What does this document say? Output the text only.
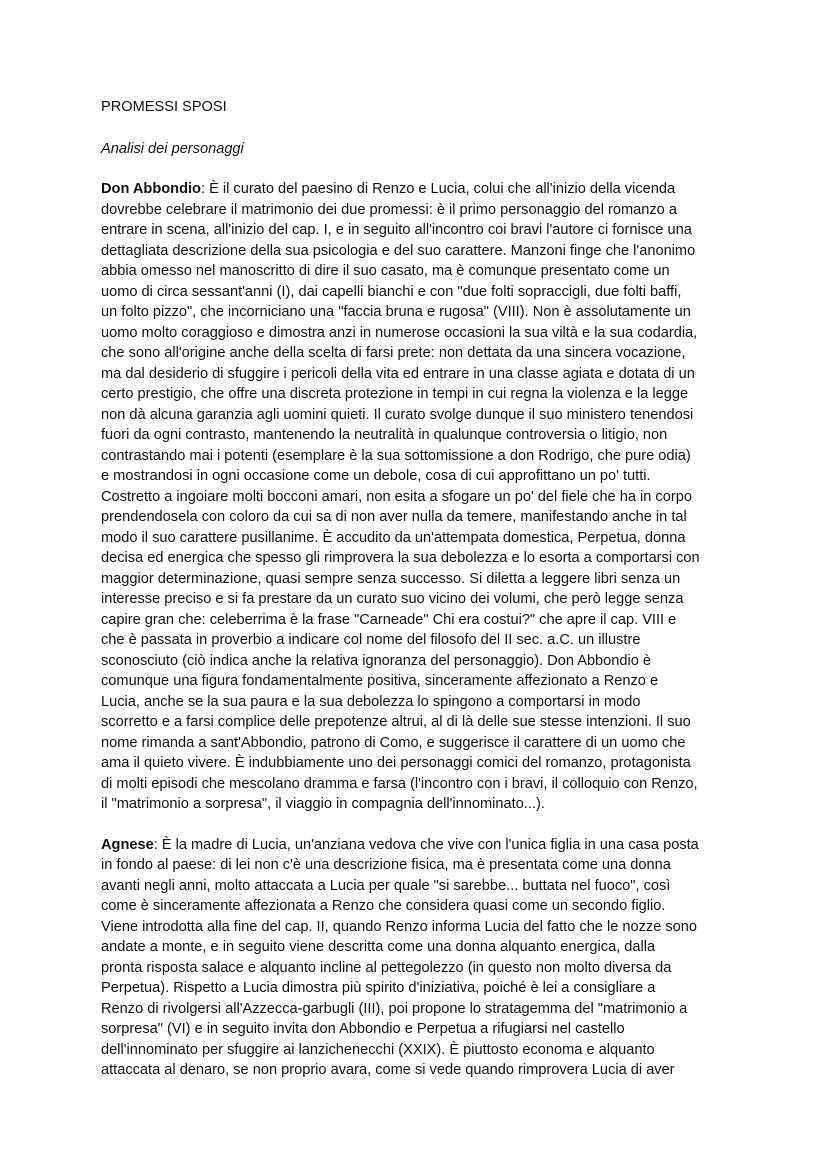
PROMESSI SPOSI
Analisi dei personaggi
Don Abbondio: È il curato del paesino di Renzo e Lucia, colui che all'inizio della vicenda
dovrebbe celebrare il matrimonio dei due promessi: è il primo personaggio del romanzo a
entrare in scena, all'inizio del cap. I, e in seguito all'incontro coi bravi l'autore ci fornisce una
dettagliata descrizione della sua psicologia e del suo carattere. Manzoni finge che l'anonimo
abbia omesso nel manoscritto di dire il suo casato, ma è comunque presentato come un
uomo di circa sessant'anni (I), dai capelli bianchi e con "due folti sopraccigli, due folti baffi,
un folto pizzo", che incorniciano una "faccia bruna e rugosa" (VIII). Non è assolutamente un
uomo molto coraggioso e dimostra anzi in numerose occasioni la sua viltà e la sua codardia,
che sono all'origine anche della scelta di farsi prete: non dettata da una sincera vocazione,
ma dal desiderio di sfuggire i pericoli della vita ed entrare in una classe agiata e dotata di un
certo prestigio, che offre una discreta protezione in tempi in cui regna la violenza e la legge
non dà alcuna garanzia agli uomini quieti. Il curato svolge dunque il suo ministero tenendosi
fuori da ogni contrasto, mantenendo la neutralità in qualunque controversia o litigio, non
contrastando mai i potenti (esemplare è la sua sottomissione a don Rodrigo, che pure odia)
e mostrandosi in ogni occasione come un debole, cosa di cui approfittano un po' tutti.
Costretto a ingoiare molti bocconi amari, non esita a sfogare un po' del fiele che ha in corpo
prendendosela con coloro da cui sa di non aver nulla da temere, manifestando anche in tal
modo il suo carattere pusillanime. È accudito da un'attempata domestica, Perpetua, donna
decisa ed energica che spesso gli rimprovera la sua debolezza e lo esorta a comportarsi con
maggior determinazione, quasi sempre senza successo. Si diletta a leggere libri senza un
interesse preciso e si fa prestare da un curato suo vicino dei volumi, che però legge senza
capire gran che: celeberrima è la frase "Carneade" Chi era costui?" che apre il cap. VIII e
che è passata in proverbio a indicare col nome del filosofo del II sec. a.C. un illustre
sconosciuto (ciò indica anche la relativa ignoranza del personaggio). Don Abbondio è
comunque una figura fondamentalmente positiva, sinceramente affezionato a Renzo e
Lucia, anche se la sua paura e la sua debolezza lo spingono a comportarsi in modo
scorretto e a farsi complice delle prepotenze altrui, al di là delle sue stesse intenzioni. Il suo
nome rimanda a sant'Abbondio, patrono di Como, e suggerisce il carattere di un uomo che
ama il quieto vivere. È indubbiamente uno dei personaggi comici del romanzo, protagonista
di molti episodi che mescolano dramma e farsa (l'incontro con i bravi, il colloquio con Renzo,
il "matrimonio a sorpresa", il viaggio in compagnia dell'innominato...).
Agnese: È la madre di Lucia, un'anziana vedova che vive con l'unica figlia in una casa posta
in fondo al paese: di lei non c'è una descrizione fisica, ma è presentata come una donna
avanti negli anni, molto attaccata a Lucia per quale "si sarebbe... buttata nel fuoco", così
come è sinceramente affezionata a Renzo che considera quasi come un secondo figlio.
Viene introdotta alla fine del cap. II, quando Renzo informa Lucia del fatto che le nozze sono
andate a monte, e in seguito viene descritta come una donna alquanto energica, dalla
pronta risposta salace e alquanto incline al pettegolezzo (in questo non molto diversa da
Perpetua). Rispetto a Lucia dimostra più spirito d'iniziativa, poiché è lei a consigliare a
Renzo di rivolgersi all'Azzecca-garbugli (III), poi propone lo stratagemma del "matrimonio a
sorpresa" (VI) e in seguito invita don Abbondio e Perpetua a rifugiarsi nel castello
dell'innominato per sfuggire ai lanzichenecchi (XXIX). È piuttosto economa e alquanto
attaccata al denaro, se non proprio avara, come si vede quando rimprovera Lucia di aver
